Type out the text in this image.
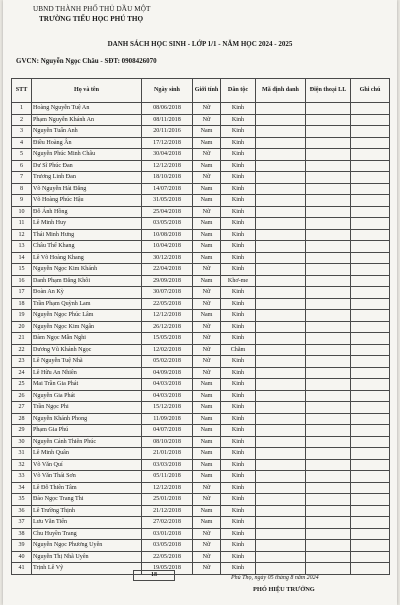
UBND THÀNH PHỐ THỦ DẦU MỘT
TRƯỜNG TIỂU HỌC PHÚ THỌ
DANH SÁCH HỌC SINH - LỚP 1/1 - NĂM HỌC 2024 - 2025
GVCN: Nguyễn Ngọc Châu - SĐT: 0908426070
STT	Họ và tên	Ngày sinh	Giới tính	Dân tộc	Mã định danh	Điện thoại LL	Ghi chú
1	Hoàng Nguyễn Tuệ An	08/06/2018	Nữ	Kinh			
2	Phạm Nguyễn Khánh An	08/11/2018	Nữ	Kinh			
3	Nguyễn Tuấn Anh	20/11/2016	Nam	Kinh			
4	Điều Hoàng Ân	17/12/2018	Nam	Kinh			
5	Nguyễn Phúc Minh Châu	30/04/2018	Nữ	Kinh			
6	Dư Sĩ Phúc Đan	12/12/2018	Nam	Kinh			
7	Trương Linh Đan	18/10/2018	Nữ	Kinh			
8	Võ Nguyễn Hải Đăng	14/07/2018	Nam	Kinh			
9	Võ Hoàng Phúc Hậu	31/05/2018	Nam	Kinh			
10	Đỗ Ánh Hồng	25/04/2018	Nữ	Kinh			
11	Lê Minh Huy	03/05/2018	Nam	Kinh			
12	Thái Minh Hưng	10/08/2018	Nam	Kinh			
13	Châu Thế Khang	10/04/2018	Nam	Kinh			
14	Lê Võ Hoàng Khang	30/12/2018	Nam	Kinh			
15	Nguyễn Ngọc Kim Khánh	22/04/2018	Nữ	Kinh			
16	Danh Phạm Đăng Khôi	29/09/2018	Nam	Khơ-me			
17	Đoàn An Kỳ	30/07/2018	Nữ	Kinh			
18	Trần Phạm Quỳnh Lam	22/05/2018	Nữ	Kinh			
19	Nguyễn Ngọc Phúc Lâm	12/12/2018	Nam	Kinh			
20	Nguyễn Ngọc Kim Ngân	26/12/2018	Nữ	Kinh			
21	Đàm Ngọc Mẫn Nghi	15/05/2018	Nữ	Kinh			
22	Dương Vũ Khánh Ngọc	12/02/2018	Nữ	Chăm			
23	Lê Nguyễn Tuệ Nhã	05/02/2018	Nữ	Kinh			
24	Lê Hữu An Nhiên	04/09/2018	Nữ	Kinh			
25	Mai Trần Gia Phát	04/03/2018	Nam	Kinh			
26	Nguyễn Gia Phát	04/03/2018	Nam	Kinh			
27	Trần Ngọc Phi	15/12/2018	Nam	Kinh			
28	Nguyễn Khánh Phong	11/09/2018	Nam	Kinh			
29	Phạm Gia Phú	04/07/2018	Nam	Kinh			
30	Nguyễn Cảnh Thiên Phúc	08/10/2018	Nam	Kinh			
31	Lê Minh Quân	21/01/2018	Nam	Kinh			
32	Võ Văn Quí	03/03/2018	Nam	Kinh			
33	Võ Văn Thái Sơn	05/11/2018	Nam	Kinh			
34	Lê Đỗ Thiên Tâm	12/12/2018	Nữ	Kinh			
35	Đào Ngọc Trang Thi	25/01/2018	Nữ	Kinh			
36	Lê Trường Thịnh	21/12/2018	Nam	Kinh			
37	Lưu Văn Tiến	27/02/2018	Nam	Kinh			
38	Chu Huyền Trang	03/01/2018	Nữ	Kinh			
39	Nguyễn Ngọc Phương Uyên	03/05/2018	Nữ	Kinh			
40	Nguyễn Thị Nhã Uyên	22/05/2018	Nữ	Kinh			
41	Trịnh Lê Vỹ	19/05/2018	Nữ	Kinh			
18	Phú Thọ, ngày 05 tháng 8 năm 2024
PHÓ HIỆU TRƯỞNG
